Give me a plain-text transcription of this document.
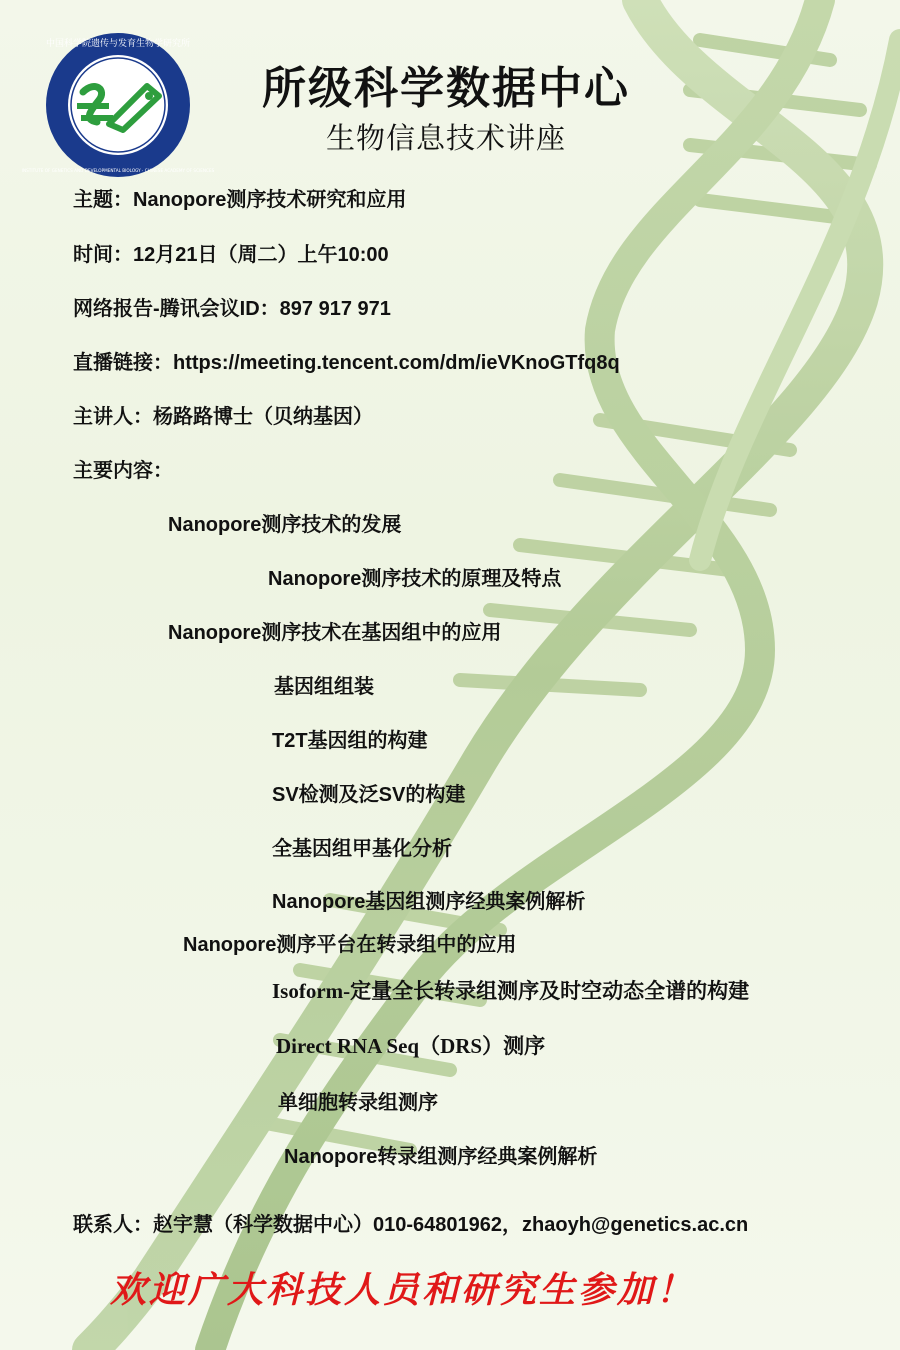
中国科学院遗传与发育生物学研究所
INSTITUTE OF GENETICS AND DEVELOPMENTAL BIOLOGY · CHINESE ACADEMY OF SCIENCES
所级科学数据中心
生物信息技术讲座
主题：Nanopore测序技术研究和应用
时间：12月21日（周二）上午10:00
网络报告-腾讯会议ID：897 917 971
直播链接：https://meeting.tencent.com/dm/ieVKnoGTfq8q
主讲人：杨路路博士（贝纳基因）
主要内容：
Nanopore测序技术的发展
Nanopore测序技术的原理及特点
Nanopore测序技术在基因组中的应用
基因组组装
T2T基因组的构建
SV检测及泛SV的构建
全基因组甲基化分析
Nanopore基因组测序经典案例解析
Nanopore测序平台在转录组中的应用
Isoform-定量全长转录组测序及时空动态全谱的构建
Direct RNA Seq（DRS）测序
单细胞转录组测序
Nanopore转录组测序经典案例解析
联系人：赵宇慧（科学数据中心）010-64801962，zhaoyh@genetics.ac.cn
欢迎广大科技人员和研究生参加！
